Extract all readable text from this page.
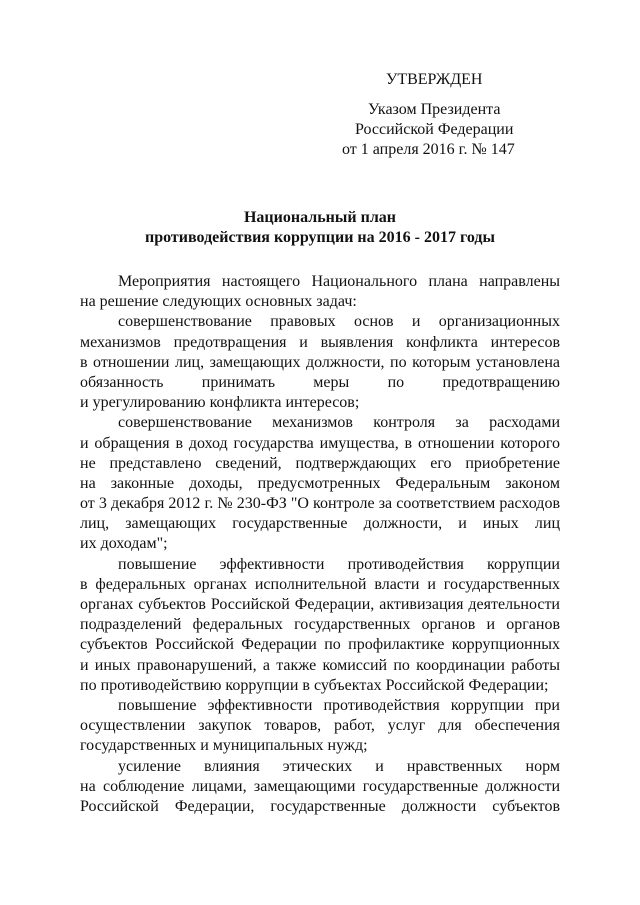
УТВЕРЖДЕН
Указом Президента
Российской Федерации
от 1 апреля 2016 г. № 147
Национальный план
противодействия коррупции на 2016 - 2017 годы
Мероприятия настоящего Национального плана направлены
на решение следующих основных задач:
совершенствование правовых основ и организационных
механизмов предотвращения и выявления конфликта интересов
в отношении лиц, замещающих должности, по которым установлена
обязанность принимать меры по предотвращению
и урегулированию конфликта интересов;
совершенствование механизмов контроля за расходами
и обращения в доход государства имущества, в отношении которого
не представлено сведений, подтверждающих его приобретение
на законные доходы, предусмотренных Федеральным законом
от 3 декабря 2012 г. № 230-ФЗ "О контроле за соответствием расходов
лиц, замещающих государственные должности, и иных лиц
их доходам";
повышение эффективности противодействия коррупции
в федеральных органах исполнительной власти и государственных
органах субъектов Российской Федерации, активизация деятельности
подразделений федеральных государственных органов и органов
субъектов Российской Федерации по профилактике коррупционных
и иных правонарушений, а также комиссий по координации работы
по противодействию коррупции в субъектах Российской Федерации;
повышение эффективности противодействия коррупции при
осуществлении закупок товаров, работ, услуг для обеспечения
государственных и муниципальных нужд;
усиление влияния этических и нравственных норм
на соблюдение лицами, замещающими государственные должности
Российской Федерации, государственные должности субъектов
